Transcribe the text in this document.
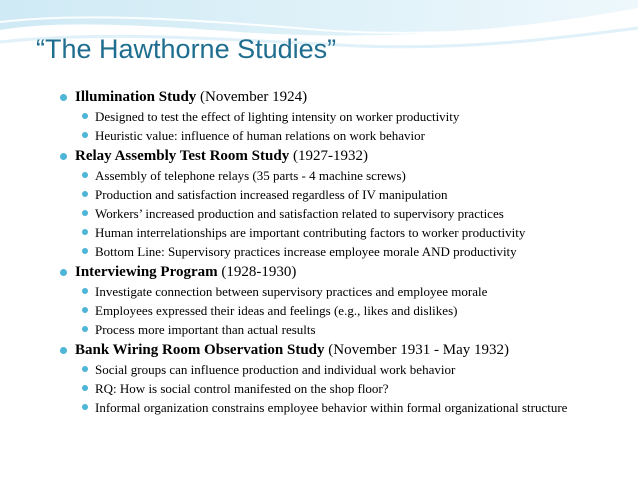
“The Hawthorne Studies”
Illumination Study (November 1924)
Designed to test the effect of lighting intensity on worker productivity
Heuristic value: influence of human relations on work behavior
Relay Assembly Test Room Study (1927-1932)
Assembly of telephone relays (35 parts - 4 machine screws)
Production and satisfaction increased regardless of IV manipulation
Workers’ increased production and satisfaction related to supervisory practices
Human interrelationships are important contributing factors to worker productivity
Bottom Line: Supervisory practices increase employee morale AND productivity
Interviewing Program (1928-1930)
Investigate connection between supervisory practices and employee morale
Employees expressed their ideas and feelings (e.g., likes and dislikes)
Process more important than actual results
Bank Wiring Room Observation Study (November 1931 - May 1932)
Social groups can influence production and individual work behavior
RQ: How is social control manifested on the shop floor?
Informal organization constrains employee behavior within formal organizational structure
